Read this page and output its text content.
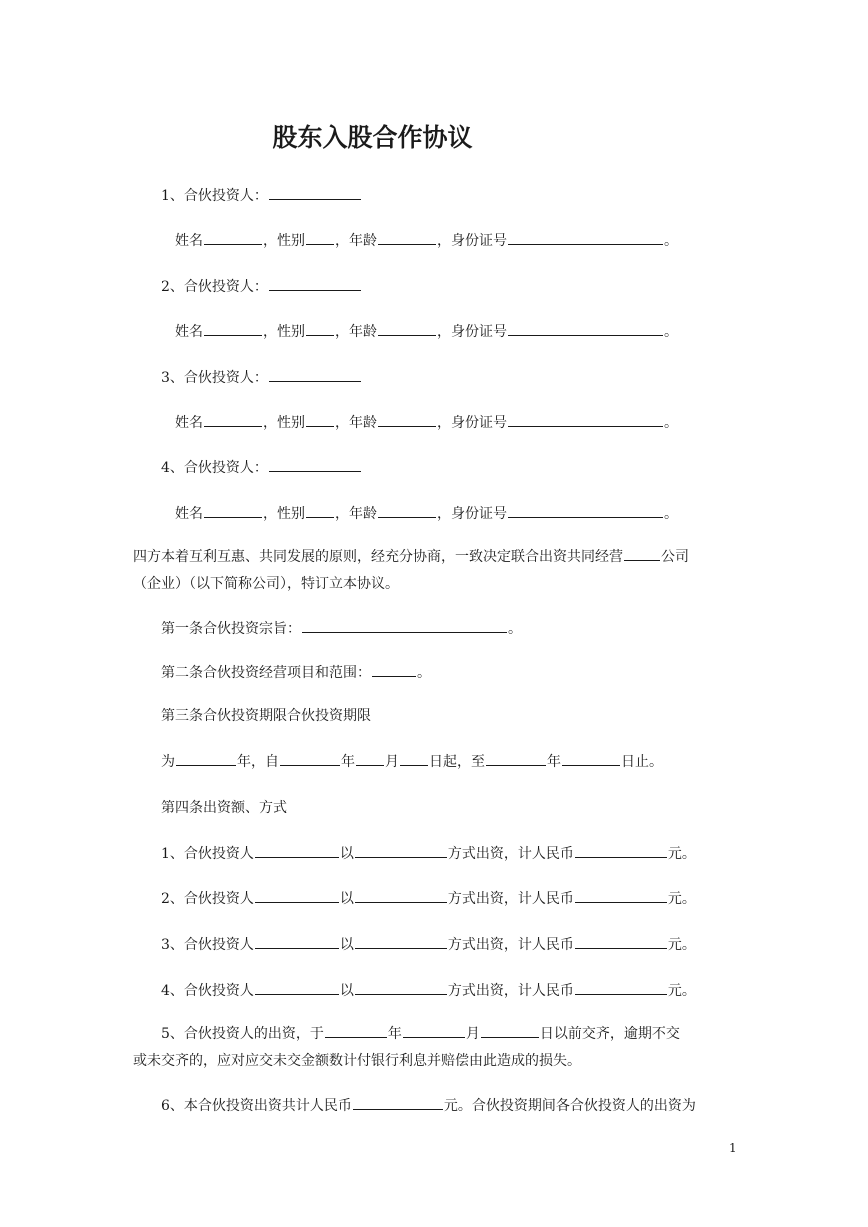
股东入股合作协议
1、合伙投资人：
姓名	，性别 ，年龄	，身份证号	。
2、合伙投资人：
姓名	，性别 ，年龄	，身份证号	。
3、合伙投资人：
姓名	，性别 ，年龄	，身份证号	。
4、合伙投资人：
姓名	，性别 ，年龄	，身份证号	。
四方本着互利互惠、共同发展的原则，经充分协商，一致决定联合出资共同经营	公司
（企业）（以下简称公司），特订立本协议。
第一条合伙投资宗旨：	。
第二条合伙投资经营项目和范围：	。
第三条合伙投资期限合伙投资期限
为	年，自	年 月 日起，至	年	日止。
第四条出资额、方式
1、合伙投资人	以	方式出资，计人民币	元。
2、合伙投资人	以	方式出资，计人民币	元。
3、合伙投资人	以	方式出资，计人民币	元。
4、合伙投资人	以	方式出资，计人民币	元。
5、合伙投资人的出资，于	年	月	日以前交齐，逾期不交
或未交齐的，应对应交未交金额数计付银行利息并赔偿由此造成的损失。
6、本合伙投资出资共计人民币	元。合伙投资期间各合伙投资人的出资为
1
